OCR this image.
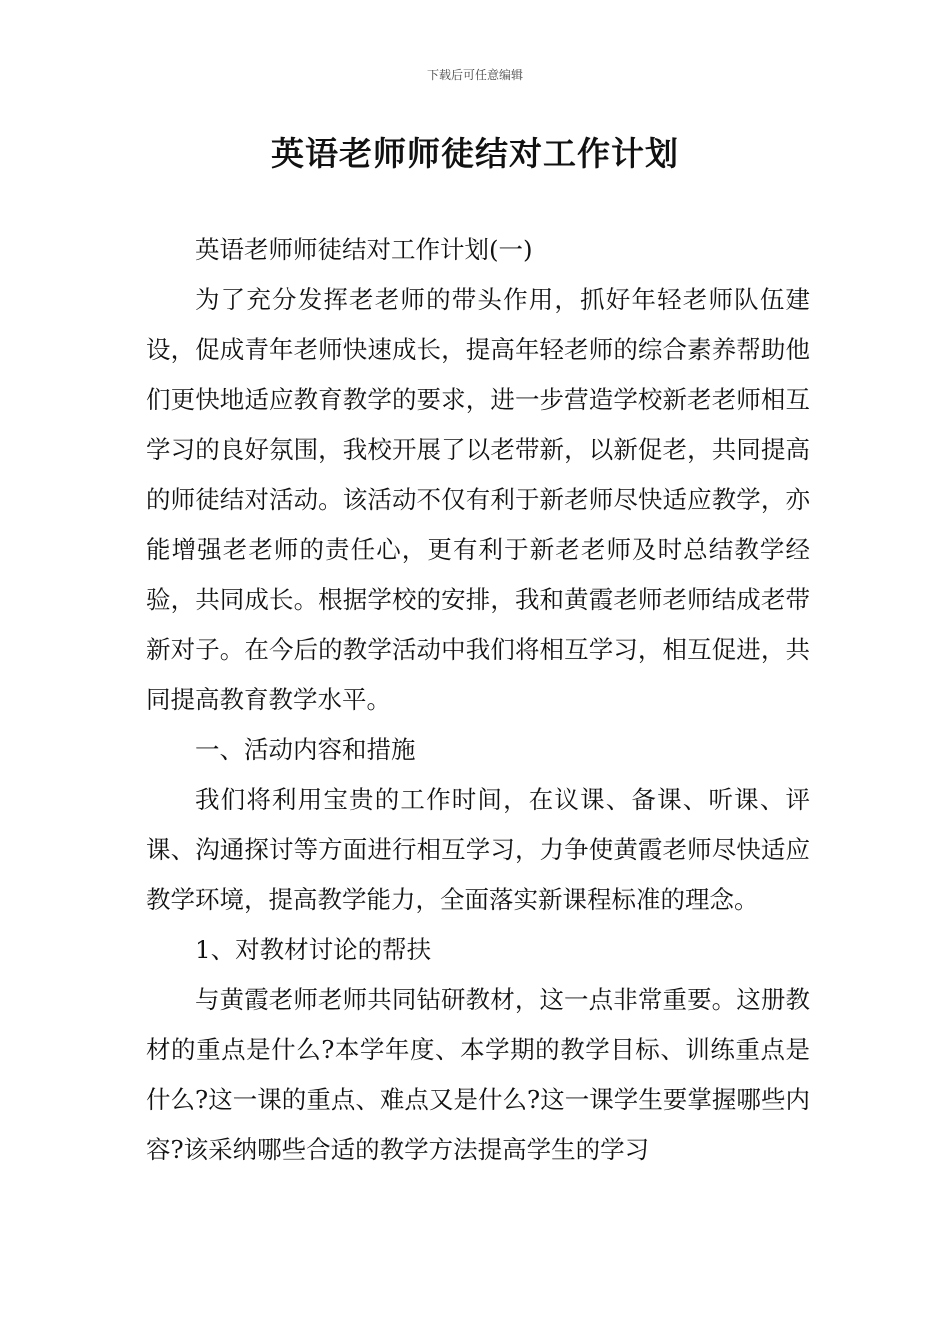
下载后可任意编辑
英语老师师徒结对工作计划

英语老师师徒结对工作计划(一)

为了充分发挥老老师的带头作用，抓好年轻老师队伍建设，促成青年老师快速成长，提高年轻老师的综合素养帮助他们更快地适应教育教学的要求，进一步营造学校新老老师相互学习的良好氛围，我校开展了以老带新，以新促老，共同提高的师徒结对活动。该活动不仅有利于新老师尽快适应教学，亦能增强老老师的责任心，更有利于新老老师及时总结教学经验，共同成长。根据学校的安排，我和黄霞老师老师结成老带新对子。在今后的教学活动中我们将相互学习，相互促进，共同提高教育教学水平。

一、活动内容和措施

我们将利用宝贵的工作时间，在议课、备课、听课、评课、沟通探讨等方面进行相互学习，力争使黄霞老师尽快适应教学环境，提高教学能力，全面落实新课程标准的理念。

1、对教材讨论的帮扶

与黄霞老师老师共同钻研教材，这一点非常重要。这册教材的重点是什么?本学年度、本学期的教学目标、训练重点是什么?这一课的重点、难点又是什么?这一课学生要掌握哪些内容?该采纳哪些合适的教学方法提高学生的学习
